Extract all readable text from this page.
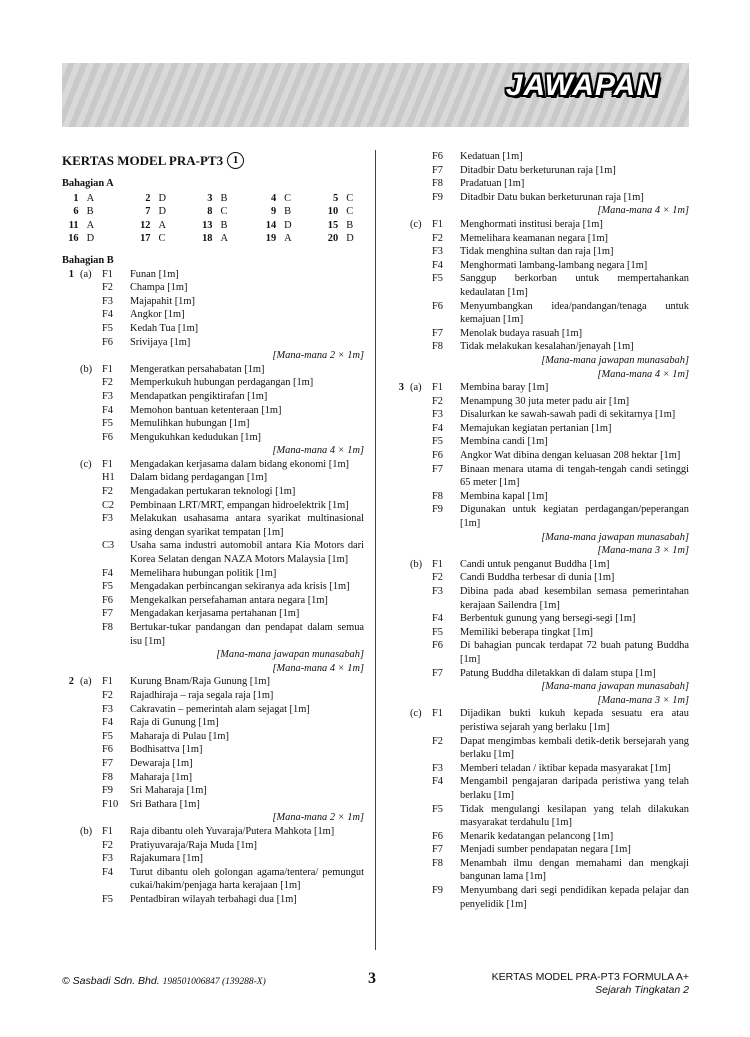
JAWAPAN
KERTAS MODEL PRA-PT3 1
Bahagian A
1	A	2	D	3	B	4	C	5	C
6	B	7	D	8	C	9	B	10	C
11	A	12	A	13	B	14	D	15	B
16	D	17	C	18	A	19	A	20	D
Bahagian B
1 (a)	F1	Funan [1m]
F2	Champa [1m]
F3	Majapahit [1m]
F4	Angkor [1m]
F5	Kedah Tua [1m]
F6	Srivijaya [1m]
[Mana-mana 2 × 1m]
(b) F1	Mengeratkan persahabatan [1m]
F2	Memperkukuh hubungan perdagangan [1m]
F3	Mendapatkan pengiktirafan [1m]
F4	Memohon bantuan ketenteraan [1m]
F5	Memulihkan hubungan [1m]
F6	Mengukuhkan kedudukan [1m]
[Mana-mana 4 × 1m]
(c)	F1	Mengadakan kerjasama dalam bidang ekonomi [1m]
H1	Dalam bidang perdagangan [1m]
F2	Mengadakan pertukaran teknologi [1m]
C2	Pembinaan LRT/MRT, empangan hidroelektrik [1m]
F3	Melakukan usahasama antara syarikat multinasional asing dengan syarikat tempatan [1m]
C3	Usaha sama industri automobil antara Kia Motors dari Korea Selatan dengan NAZA Motors Malaysia [1m]
F4	Memelihara hubungan politik [1m]
F5	Mengadakan perbincangan sekiranya ada krisis [1m]
F6	Mengekalkan persefahaman antara negara [1m]
F7	Mengadakan kerjasama pertahanan [1m]
F8	Bertukar-tukar pandangan dan pendapat dalam semua isu [1m]
[Mana-mana jawapan munasabah]
[Mana-mana 4 × 1m]
2 (a)	F1	Kurung Bnam/Raja Gunung [1m]
F2	Rajadhiraja – raja segala raja [1m]
F3	Cakravatin – pemerintah alam sejagat [1m]
F4	Raja di Gunung [1m]
F5	Maharaja di Pulau [1m]
F6	Bodhisattva [1m]
F7	Dewaraja [1m]
F8	Maharaja [1m]
F9	Sri Maharaja [1m]
F10	Sri Bathara [1m]
[Mana-mana 2 × 1m]
(b) F1	Raja dibantu oleh Yuvaraja/Putera Mahkota [1m]
F2	Pratiyuvaraja/Raja Muda [1m]
F3	Rajakumara [1m]
F4	Turut dibantu oleh golongan agama/tentera/ pemungut cukai/hakim/penjaga harta kerajaan [1m]
F5	Pentadbiran wilayah terbahagi dua [1m]
F6	Kedatuan [1m]
F7	Ditadbir Datu berketurunan raja [1m]
F8	Pradatuan [1m]
F9	Ditadbir Datu bukan berketurunan raja [1m]
[Mana-mana 4 × 1m]
(c)	F1	Menghormati institusi beraja [1m]
F2	Memelihara keamanan negara [1m]
F3	Tidak menghina sultan dan raja [1m]
F4	Menghormati lambang-lambang negara [1m]
F5	Sanggup berkorban untuk mempertahankan kedaulatan [1m]
F6	Menyumbangkan idea/pandangan/tenaga untuk kemajuan [1m]
F7	Menolak budaya rasuah [1m]
F8	Tidak melakukan kesalahan/jenayah [1m]
[Mana-mana jawapan munasabah]
[Mana-mana 4 × 1m]
3 (a)	F1	Membina baray [1m]
F2	Menampung 30 juta meter padu air [1m]
F3	Disalurkan ke sawah-sawah padi di sekitarnya [1m]
F4	Memajukan kegiatan pertanian [1m]
F5	Membina candi [1m]
F6	Angkor Wat dibina dengan keluasan 208 hektar [1m]
F7	Binaan menara utama di tengah-tengah candi setinggi 65 meter [1m]
F8	Membina kapal [1m]
F9	Digunakan untuk kegiatan perdagangan/peperangan [1m]
[Mana-mana jawapan munasabah]
[Mana-mana 3 × 1m]
(b) F1	Candi untuk penganut Buddha [1m]
F2	Candi Buddha terbesar di dunia [1m]
F3	Dibina pada abad kesembilan semasa pemerintahan kerajaan Sailendra [1m]
F4	Berbentuk gunung yang bersegi-segi [1m]
F5	Memiliki beberapa tingkat [1m]
F6	Di bahagian puncak terdapat 72 buah patung Buddha [1m]
F7	Patung Buddha diletakkan di dalam stupa [1m]
[Mana-mana jawapan munasabah]
[Mana-mana 3 × 1m]
(c)	F1	Dijadikan bukti kukuh kepada sesuatu era atau peristiwa sejarah yang berlaku [1m]
F2	Dapat mengimbas kembali detik-detik bersejarah yang berlaku [1m]
F3	Memberi teladan / iktibar kepada masyarakat [1m]
F4	Mengambil pengajaran daripada peristiwa yang telah berlaku [1m]
F5	Tidak mengulangi kesilapan yang telah dilakukan masyarakat terdahulu [1m]
F6	Menarik kedatangan pelancong [1m]
F7	Menjadi sumber pendapatan negara [1m]
F8	Menambah ilmu dengan memahami dan mengkaji bangunan lama [1m]
F9	Menyumbang dari segi pendidikan kepada pelajar dan penyelidik [1m]
© Sasbadi Sdn. Bhd. 198501006847 (139288-X)	3	KERTAS MODEL PRA-PT3 FORMULA A+
Sejarah Tingkatan 2
